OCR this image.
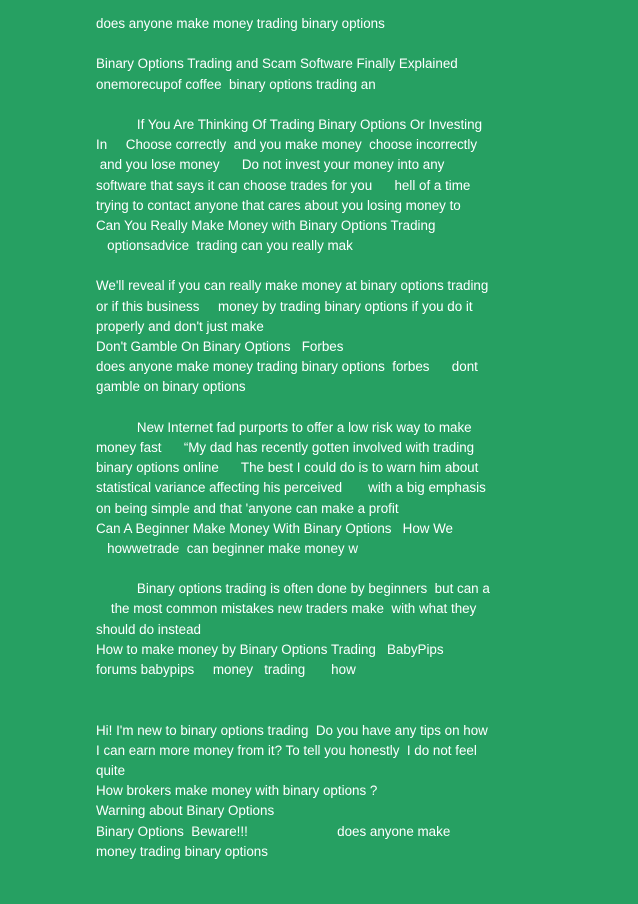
does anyone make money trading binary options
Binary Options Trading and Scam Software Finally Explained
onemorecupof coffee  binary options trading an
If You Are Thinking Of Trading Binary Options Or Investing
In     Choose correctly  and you make money  choose incorrectly
and you lose money      Do not invest your money into any
software that says it can choose trades for you      hell of a time
trying to contact anyone that cares about you losing money to
Can You Really Make Money with Binary Options Trading
optionsadvice  trading can you really mak
We'll reveal if you can really make money at binary options trading
or if this business     money by trading binary options if you do it
properly and don't just make
Don't Gamble On Binary Options   Forbes
does anyone make money trading binary options  forbes      dont
gamble on binary options
New Internet fad purports to offer a low risk way to make
money fast      “My dad has recently gotten involved with trading
binary options online      The best I could do is to warn him about
statistical variance affecting his perceived       with a big emphasis
on being simple and that 'anyone can make a profit
Can A Beginner Make Money With Binary Options   How We
howwetrade  can beginner make money w
Binary options trading is often done by beginners  but can a
the most common mistakes new traders make  with what they
should do instead
How to make money by Binary Options Trading   BabyPips
forums babypips     money   trading       how
Hi! I'm new to binary options trading  Do you have any tips on how
I can earn more money from it? To tell you honestly  I do not feel
quite
How brokers make money with binary options ?
Warning about Binary Options
Binary Options  Beware!!!                        does anyone make
money trading binary options
